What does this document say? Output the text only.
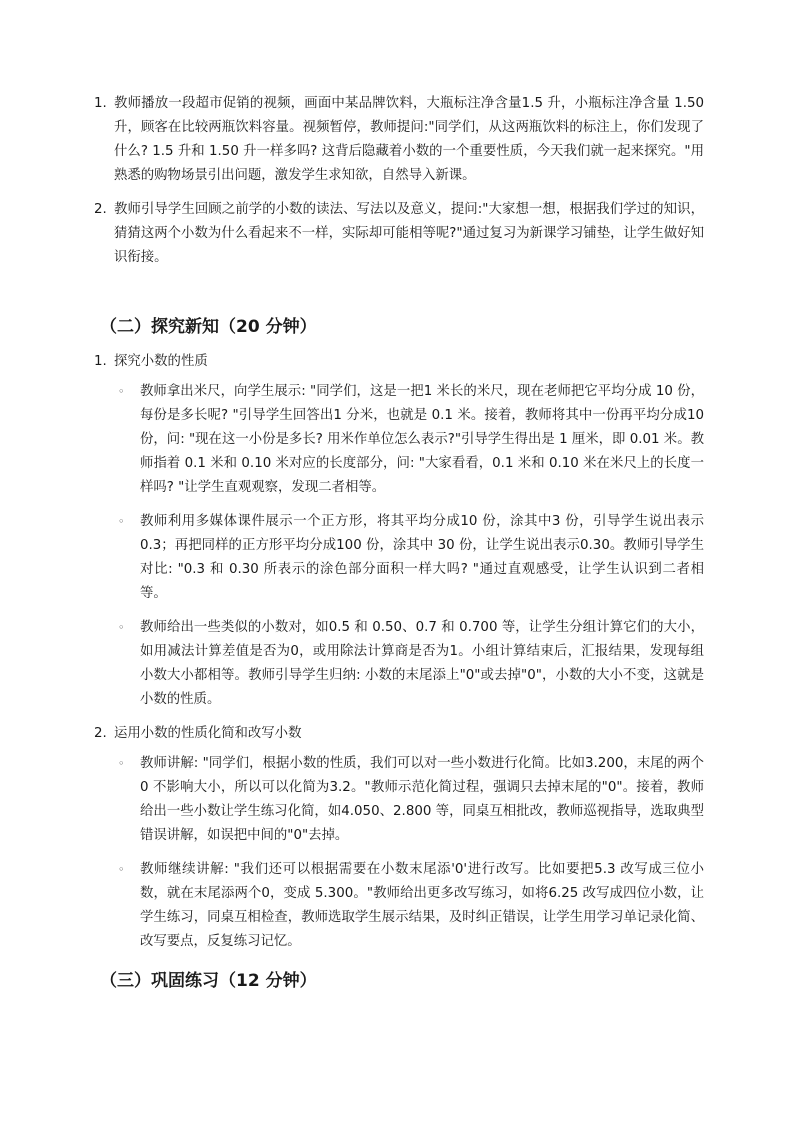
1. 教师播放一段超市促销的视频，画面中某品牌饮料，大瓶标注净含量1.5 升，小瓶标注净含量 1.50 升，顾客在比较两瓶饮料容量。视频暂停，教师提问:"同学们，从这两瓶饮料的标注上，你们发现了什么? 1.5 升和 1.50 升一样多吗? 这背后隐藏着小数的一个重要性质，今天我们就一起来探究。"用熟悉的购物场景引出问题，激发学生求知欲，自然导入新课。
2. 教师引导学生回顾之前学的小数的读法、写法以及意义，提问:"大家想一想，根据我们学过的知识，猜猜这两个小数为什么看起来不一样，实际却可能相等呢?"通过复习为新课学习铺垫，让学生做好知识衔接。
（二）探究新知（20 分钟）
1. 探究小数的性质
◦ 教师拿出米尺，向学生展示: "同学们，这是一把1 米长的米尺，现在老师把它平均分成 10 份，每份是多长呢? "引导学生回答出1 分米，也就是 0.1 米。接着，教师将其中一份再平均分成10 份，问: "现在这一小份是多长? 用米作单位怎么表示?"引导学生得出是 1 厘米，即 0.01 米。教师指着 0.1 米和 0.10 米对应的长度部分，问: "大家看看，0.1 米和 0.10 米在米尺上的长度一样吗? "让学生直观观察，发现二者相等。
◦ 教师利用多媒体课件展示一个正方形，将其平均分成10 份，涂其中3 份，引导学生说出表示 0.3；再把同样的正方形平均分成100 份，涂其中 30 份，让学生说出表示0.30。教师引导学生对比: "0.3 和 0.30 所表示的涂色部分面积一样大吗? "通过直观感受，让学生认识到二者相等。
◦ 教师给出一些类似的小数对，如0.5 和 0.50、0.7 和 0.700 等，让学生分组计算它们的大小，如用减法计算差值是否为0，或用除法计算商是否为1。小组计算结束后，汇报结果，发现每组小数大小都相等。教师引导学生归纳: 小数的末尾添上"0"或去掉"0"，小数的大小不变，这就是小数的性质。
2. 运用小数的性质化简和改写小数
◦ 教师讲解: "同学们，根据小数的性质，我们可以对一些小数进行化简。比如3.200，末尾的两个0 不影响大小，所以可以化简为3.2。"教师示范化简过程，强调只去掉末尾的"0"。接着，教师给出一些小数让学生练习化简，如4.050、2.800 等，同桌互相批改，教师巡视指导，选取典型错误讲解，如误把中间的"0"去掉。
◦ 教师继续讲解: "我们还可以根据需要在小数末尾添'0'进行改写。比如要把5.3 改写成三位小数，就在末尾添两个0，变成 5.300。"教师给出更多改写练习，如将6.25 改写成四位小数，让学生练习，同桌互相检查，教师选取学生展示结果，及时纠正错误，让学生用学习单记录化简、改写要点，反复练习记忆。
（三）巩固练习（12 分钟）
